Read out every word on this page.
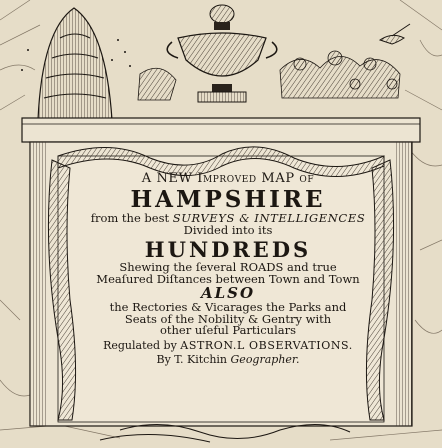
A NEW Improved MAP of
HAMPSHIRE
from the best SURVEYS & INTELLIGENCES
Divided into its
HUNDREDS
Shewing the ſeveral ROADS and true
Meaſured Diſtances between Town and Town
ALSO
the Rectories & Vicarages the Parks and
Seats of the Nobility & Gentry with
other uſeful Particulars
Regulated by ASTRON.L OBSERVATIONS.
By T. Kitchin Geographer.
